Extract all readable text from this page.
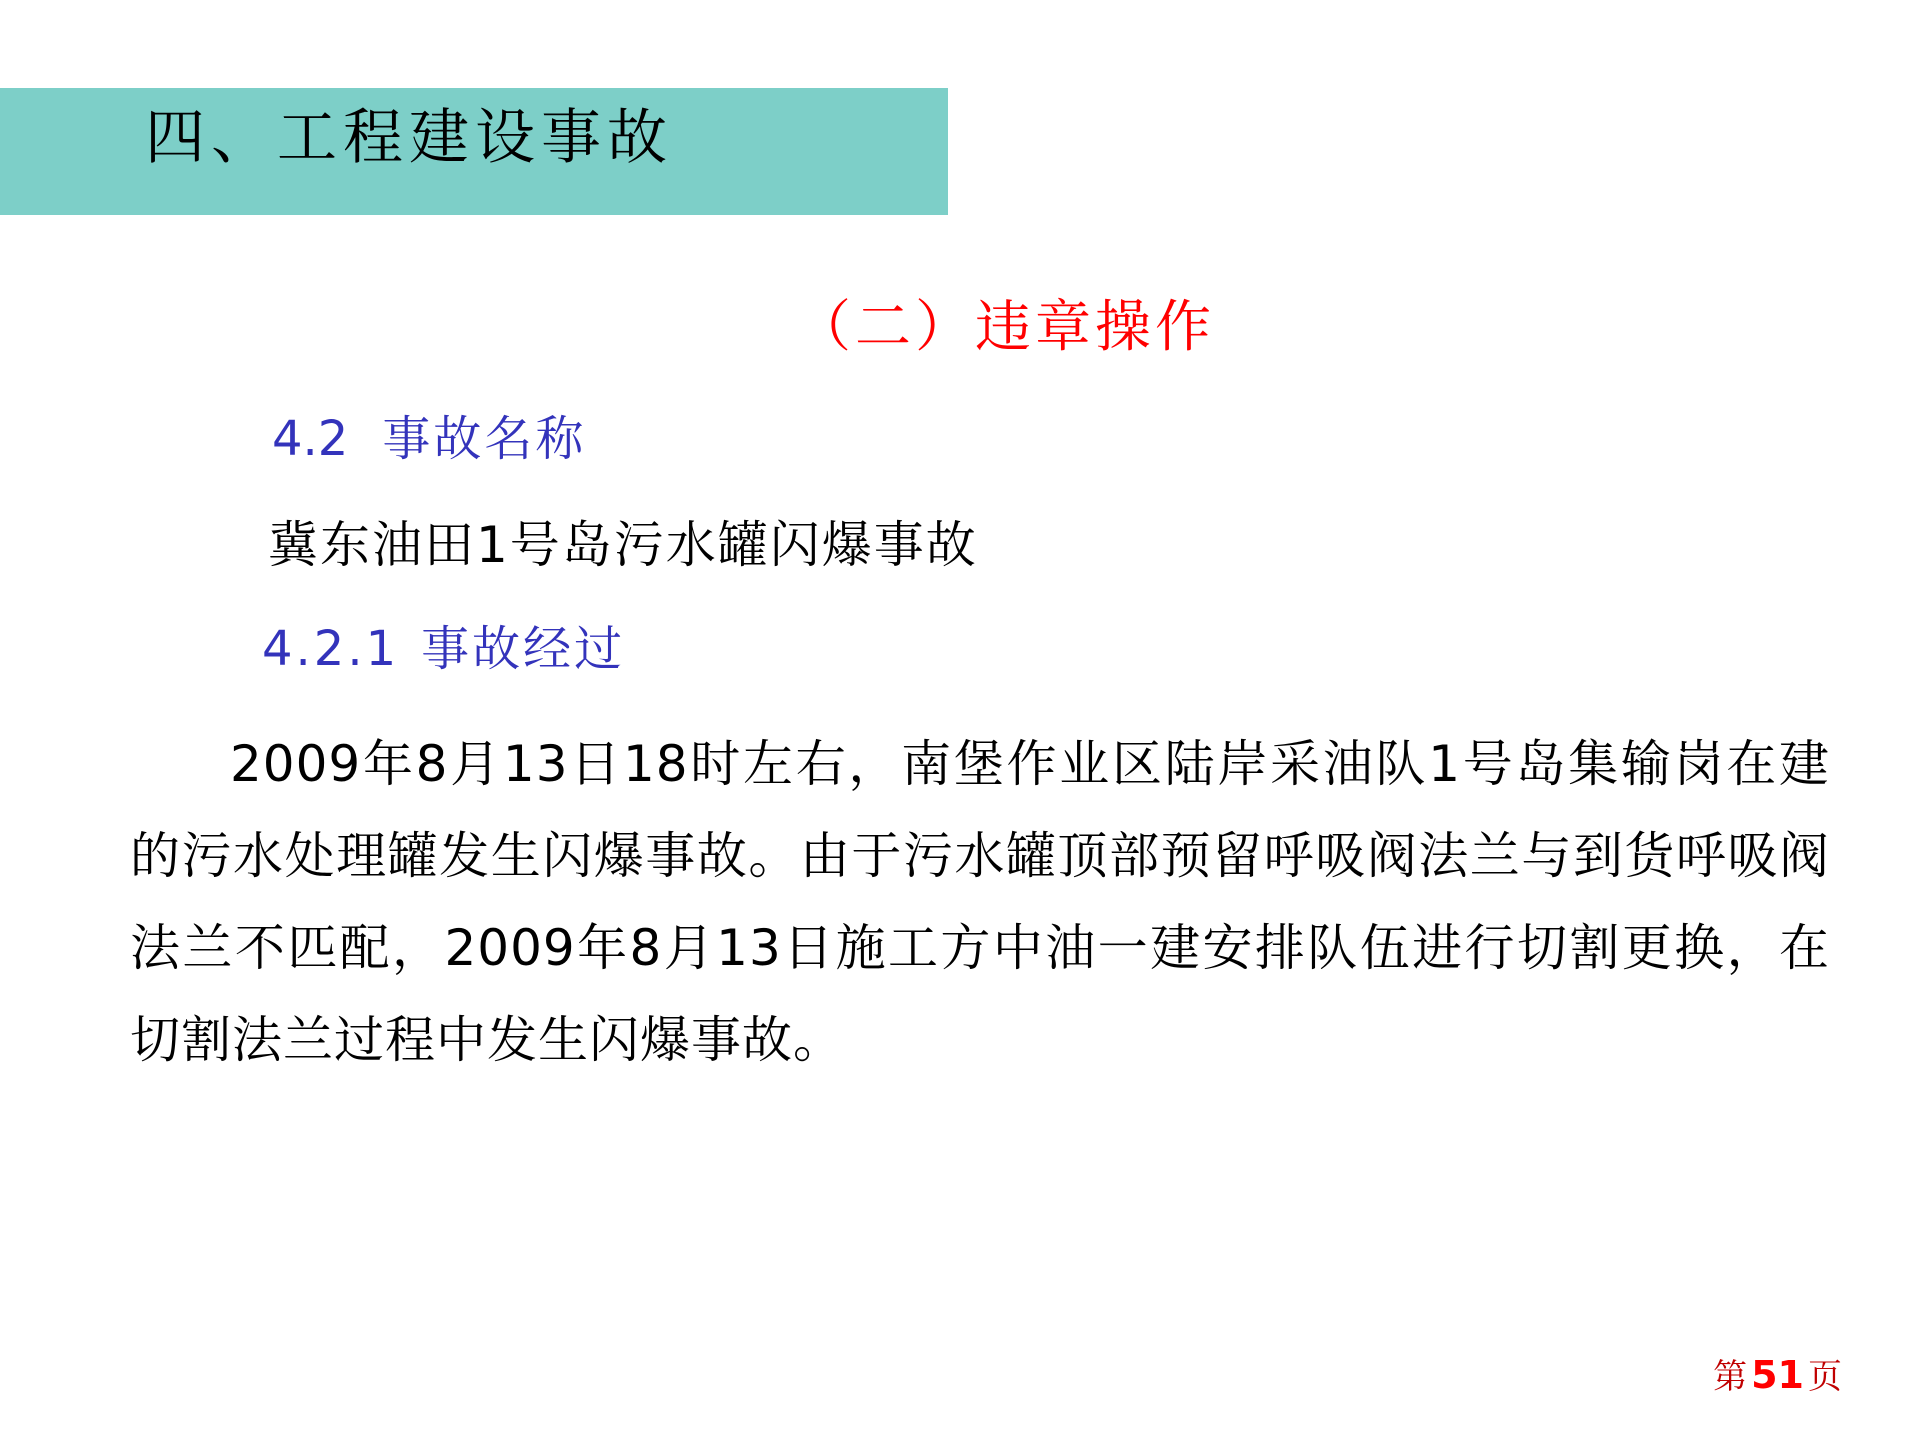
四、工程建设事故
（二）违章操作
4.2 事故名称
冀东油田1号岛污水罐闪爆事故
4.2.1 事故经过
2009年8月13日18时左右，南堡作业区陆岸采油队1号岛集输岗在建的污水处理罐发生闪爆事故。由于污水罐顶部预留呼吸阀法兰与到货呼吸阀法兰不匹配，2009年8月13日施工方中油一建安排队伍进行切割更换，在切割法兰过程中发生闪爆事故。
第 51 页
